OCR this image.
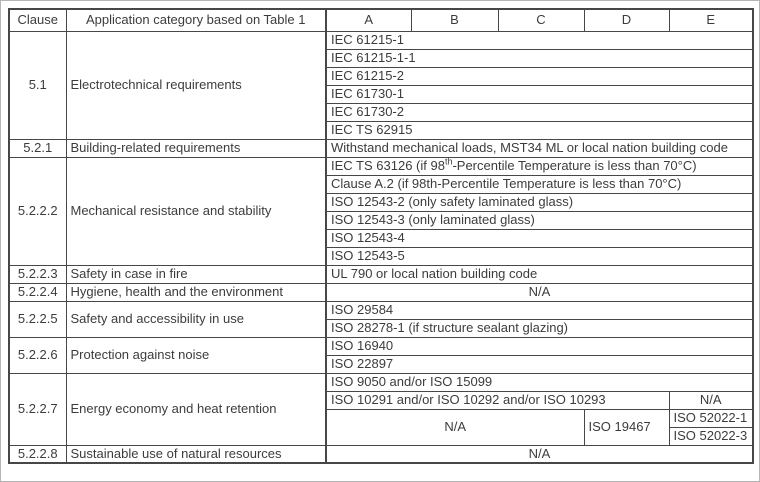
Clause	Application category based on Table 1	A	B	C	D	E
5.1	Electrotechnical requirements	IEC 61215-1				
		IEC 61215-1-1				
		IEC 61215-2				
		IEC 61730-1				
		IEC 61730-2				
		IEC TS 62915				
5.2.1	Building-related requirements	Withstand mechanical loads, MST34 ML or local nation building code				
5.2.2.2	Mechanical resistance and stability	IEC TS 63126 (if 98th-Percentile Temperature is less than 70°C)				
		Clause A.2 (if 98th-Percentile Temperature is less than 70°C)				
		ISO 12543-2 (only safety laminated glass)				
		ISO 12543-3 (only laminated glass)				
		ISO 12543-4				
		ISO 12543-5				
5.2.2.3	Safety in case in fire	UL 790 or local nation building code				
5.2.2.4	Hygiene, health and the environment	N/A				
5.2.2.5	Safety and accessibility in use	ISO 29584				
		ISO 28278-1 (if structure sealant glazing)				
5.2.2.6	Protection against noise	ISO 16940				
		ISO 22897				
5.2.2.7	Energy economy and heat retention	ISO 9050 and/or ISO 15099				
		ISO 10291 and/or ISO 10292 and/or ISO 10293				N/A
		N/A			ISO 19467	ISO 52022-1
						ISO 52022-3
5.2.2.8	Sustainable use of natural resources	N/A				
